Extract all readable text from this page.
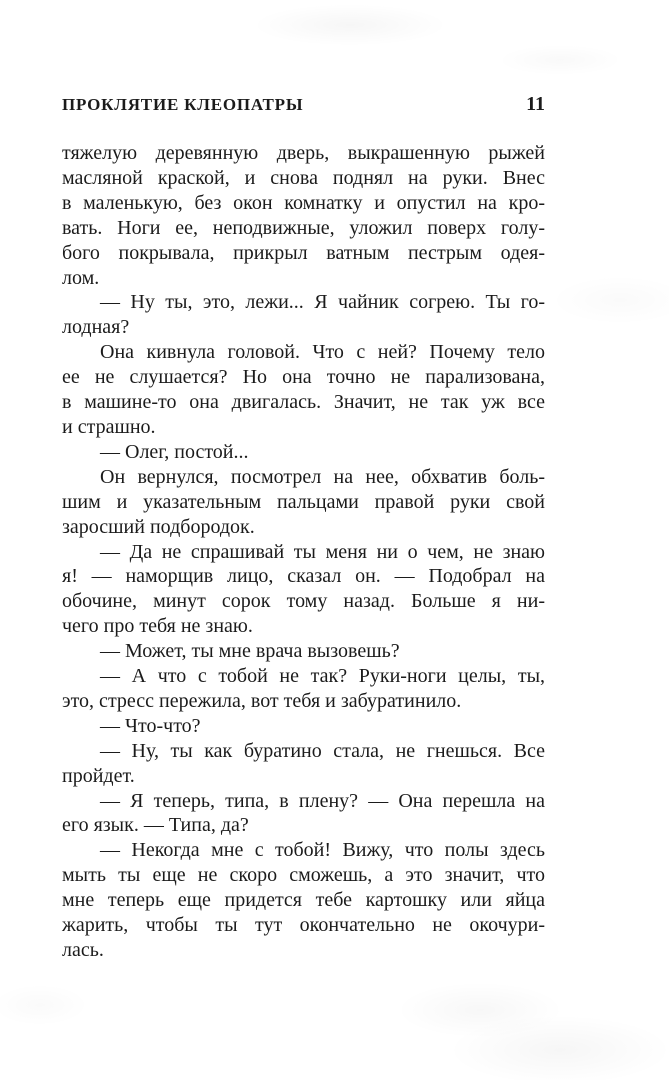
ПРОКЛЯТИЕ КЛЕОПАТРЫ	11
тяжелую деревянную дверь, выкрашенную рыжей
масляной краской, и снова поднял на руки. Внес
в маленькую, без окон комнатку и опустил на кро-
вать. Ноги ее, неподвижные, уложил поверх голу-
бого покрывала, прикрыл ватным пестрым одея-
лом.
— Ну ты, это, лежи... Я чайник согрею. Ты го-
лодная?
Она кивнула головой. Что с ней? Почему тело
ее не слушается? Но она точно не парализована,
в машине-то она двигалась. Значит, не так уж все
и страшно.
— Олег, постой...
Он вернулся, посмотрел на нее, обхватив боль-
шим и указательным пальцами правой руки свой
заросший подбородок.
— Да не спрашивай ты меня ни о чем, не знаю
я! — наморщив лицо, сказал он. — Подобрал на
обочине, минут сорок тому назад. Больше я ни-
чего про тебя не знаю.
— Может, ты мне врача вызовешь?
— А что с тобой не так? Руки-ноги целы, ты,
это, стресс пережила, вот тебя и забуратинило.
— Что-что?
— Ну, ты как буратино стала, не гнешься. Все
пройдет.
— Я теперь, типа, в плену? — Она перешла на
его язык. — Типа, да?
— Некогда мне с тобой! Вижу, что полы здесь
мыть ты еще не скоро сможешь, а это значит, что
мне теперь еще придется тебе картошку или яйца
жарить, чтобы ты тут окончательно не окочури-
лась.
